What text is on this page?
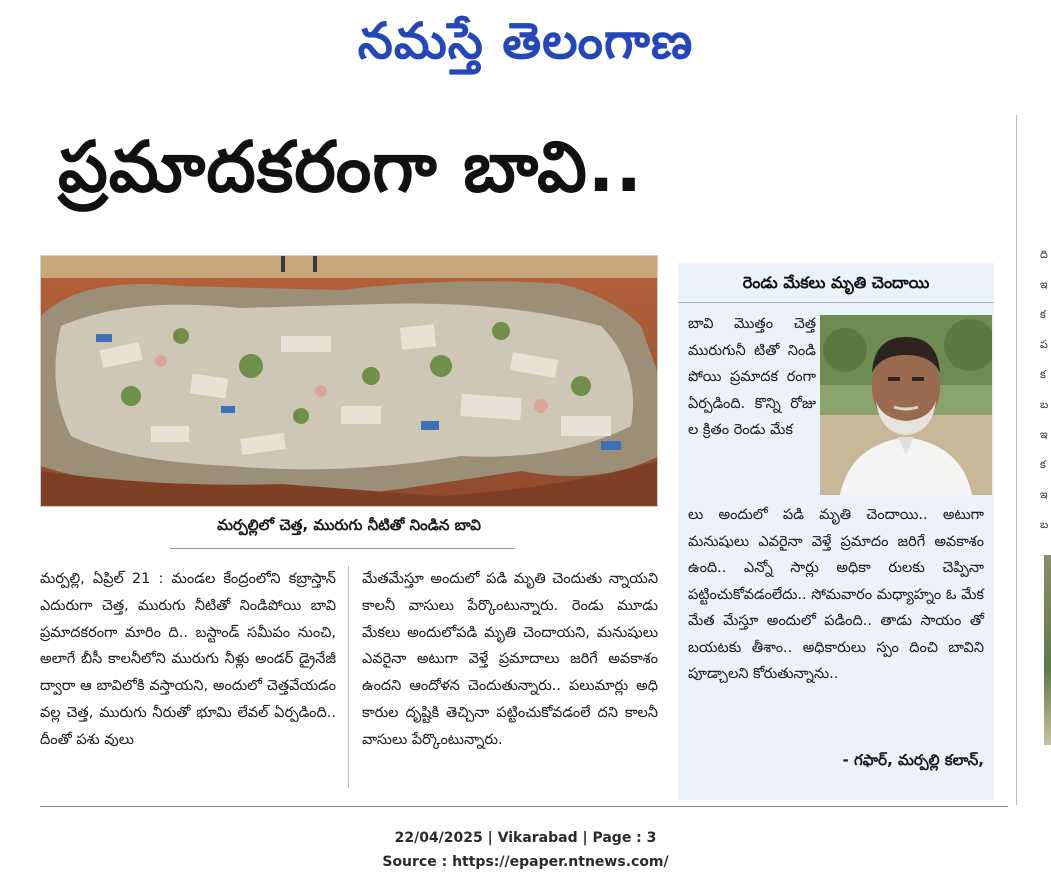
నమస్తే తెలంగాణ
ప్రమాదకరంగా బావి..
ది ఇ క ప క బ ఇ క ఇ బ
మర్పల్లిలో చెత్త, మురుగు నీటితో నిండిన బావి

మర్పల్లి, ఏప్రిల్ 21 : మండల కేంద్రంలోని కబ్రాస్తాన్ ఎదురుగా చెత్త, మురుగు నీటితో నిండిపోయి బావి ప్రమాదకరంగా మారిం ది.. బస్టాండ్ సమీపం నుంచి, అలాగే బీసీ కాలనీలోని మురుగు నీళ్లు అండర్ డ్రైనేజీ ద్వారా ఆ బావిలోకి వస్తాయని, అందులో చెత్తవేయడం వల్ల చెత్త, మురుగు నీరుతో భూమి లేవల్ ఏర్పడింది.. దీంతో పశు వులు

మేతమేస్తూ అందులో పడి మృతి చెందుతు న్నాయని కాలనీ వాసులు పేర్కొంటున్నారు. రెండు మూడు మేకలు అందులోపడి మృతి చెందాయని, మనుషులు ఎవరైనా అటుగా వెళ్తే ప్రమాదాలు జరిగే అవకాశం ఉందని ఆందోళన చెందుతున్నారు.. పలుమార్లు అధి కారుల దృష్టికి తెచ్చినా పట్టించుకోవడంలే దని కాలనీ వాసులు పేర్కొంటున్నారు.

రెండు మేకలు మృతి చెందాయి

బావి మొత్తం చెత్త మురుగునీ టితో నిండి పోయి ప్రమాదక రంగా ఏర్పడింది. కొన్ని రోజు ల క్రితం రెండు మేక

లు అందులో పడి మృతి చెందాయి.. అటుగా మనుషులు ఎవరైనా వెళ్తే ప్రమాదం జరిగే అవకాశం ఉంది.. ఎన్నో సార్లు అధికా రులకు చెప్పినా పట్టించుకోవడంలేదు.. సోమవారం మధ్యాహ్నం ఓ మేక మేత మేస్తూ అందులో పడింది.. తాడు సాయం తో బయటకు తీశాం.. అధికారులు స్పం దించి బావిని పూడ్చాలని కోరుతున్నాను..

- గఫార్, మర్పల్లి కలాన్,
22/04/2025 | Vikarabad | Page : 3
Source : https://epaper.ntnews.com/
